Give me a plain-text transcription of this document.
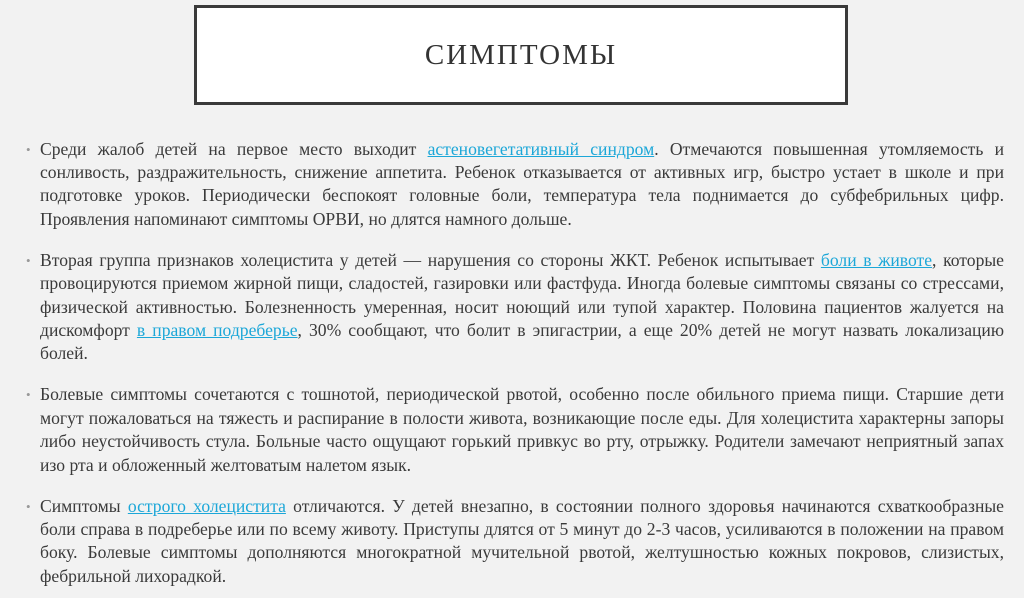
СИМПТОМЫ

• Среди жалоб детей на первое место выходит астеновегетативный синдром. Отмечаются повышенная утомляемость и сонливость, раздражительность, снижение аппетита. Ребенок отказывается от активных игр, быстро устает в школе и при подготовке уроков. Периодически беспокоят головные боли, температура тела поднимается до субфебрильных цифр. Проявления напоминают симптомы ОРВИ, но длятся намного дольше.

• Вторая группа признаков холецистита у детей — нарушения со стороны ЖКТ. Ребенок испытывает боли в животе, которые провоцируются приемом жирной пищи, сладостей, газировки или фастфуда. Иногда болевые симптомы связаны со стрессами, физической активностью. Болезненность умеренная, носит ноющий или тупой характер. Половина пациентов жалуется на дискомфорт в правом подреберье, 30% сообщают, что болит в эпигастрии, а еще 20% детей не могут назвать локализацию болей.

• Болевые симптомы сочетаются с тошнотой, периодической рвотой, особенно после обильного приема пищи. Старшие дети могут пожаловаться на тяжесть и распирание в полости живота, возникающие после еды. Для холецистита характерны запоры либо неустойчивость стула. Больные часто ощущают горький привкус во рту, отрыжку. Родители замечают неприятный запах изо рта и обложенный желтоватым налетом язык.

• Симптомы острого холецистита отличаются. У детей внезапно, в состоянии полного здоровья начинаются схваткообразные боли справа в подреберье или по всему животу. Приступы длятся от 5 минут до 2-3 часов, усиливаются в положении на правом боку. Болевые симптомы дополняются многократной мучительной рвотой, желтушностью кожных покровов, слизистых, фебрильной лихорадкой.
